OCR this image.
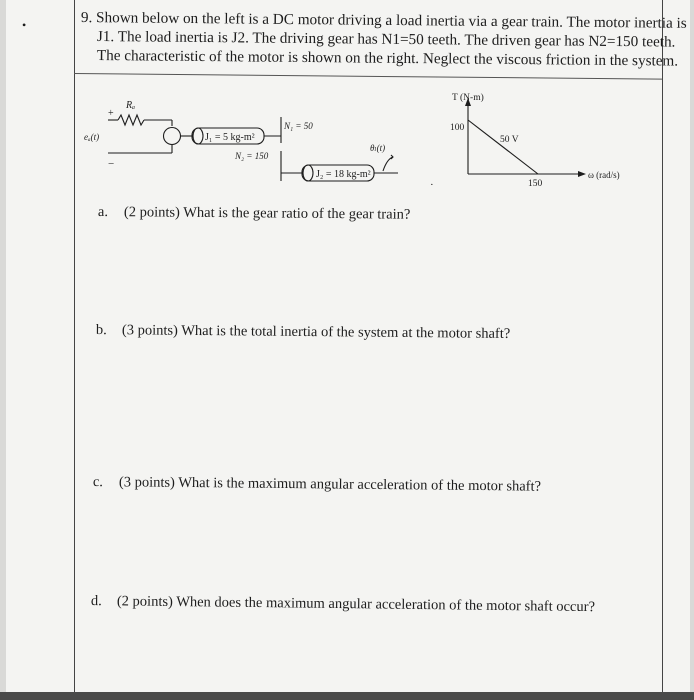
•	9. Shown below on the left is a DC motor driving a load inertia via a gear train. The motor inertia is
J1. The load inertia is J2. The driving gear has N1=50 teeth. The driven gear has N2=150 teeth.
The characteristic of the motor is shown on the right. Neglect the viscous friction in the system.
Rₐ
+
eₐ(t)
−
J₁ = 5 kg-m²
N₁ = 50
N₂ = 150
J₂ = 18 kg-m²
θₗ(t)
T (N-m)
100
50 V
150
ω (rad/s)
·
a. (2 points) What is the gear ratio of the gear train?
b. (3 points) What is the total inertia of the system at the motor shaft?
c. (3 points) What is the maximum angular acceleration of the motor shaft?
d. (2 points) When does the maximum angular acceleration of the motor shaft occur?
